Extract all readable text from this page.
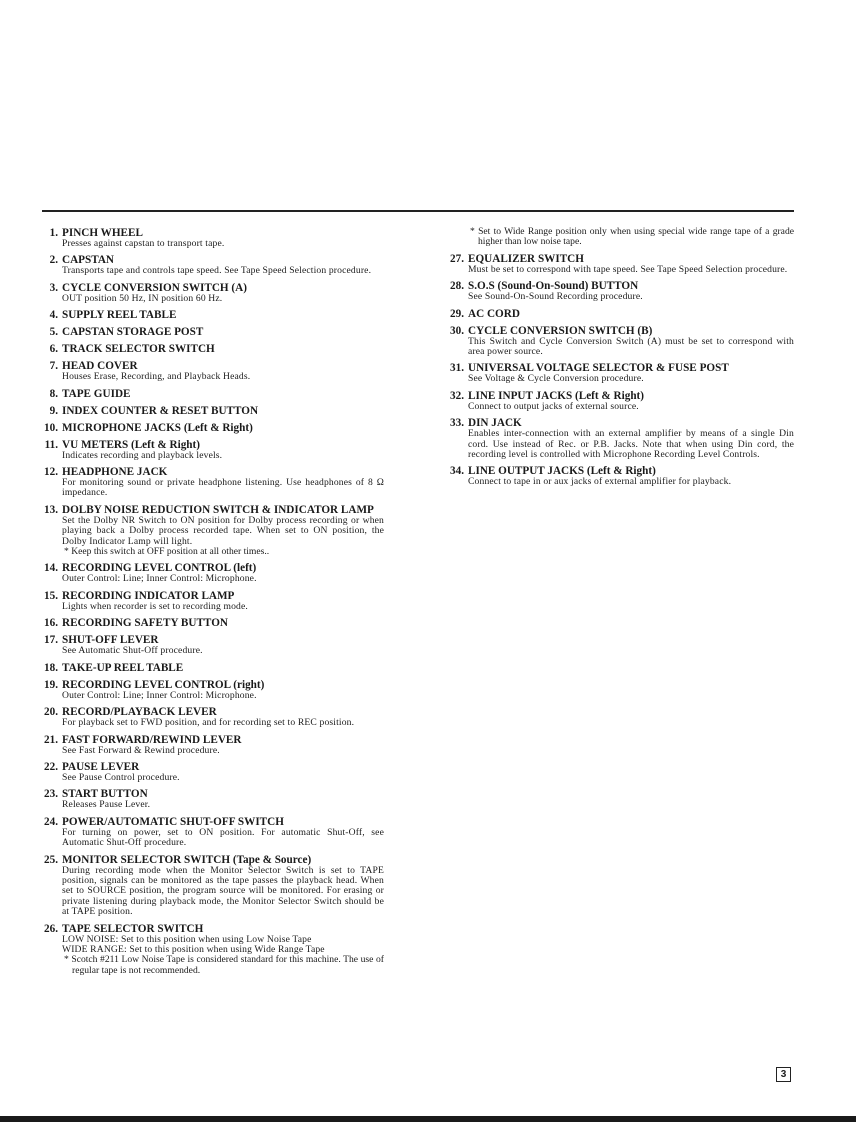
1. PINCH WHEEL

Presses against capstan to transport tape.

2. CAPSTAN

Transports tape and controls tape speed. See Tape Speed Selection procedure.

3. CYCLE CONVERSION SWITCH (A)

OUT position 50 Hz, IN position 60 Hz.

4. SUPPLY REEL TABLE
5. CAPSTAN STORAGE POST
6. TRACK SELECTOR SWITCH
7. HEAD COVER

Houses Erase, Recording, and Playback Heads.

8. TAPE GUIDE
9. INDEX COUNTER & RESET BUTTON
10. MICROPHONE JACKS (Left & Right)
11. VU METERS (Left & Right)

Indicates recording and playback levels.

12. HEADPHONE JACK

For monitoring sound or private headphone listening. Use headphones of 8 Ω impedance.

13. DOLBY NOISE REDUCTION SWITCH & INDICATOR LAMP

Set the Dolby NR Switch to ON position for Dolby process recording or when playing back a Dolby process recorded tape. When set to ON position, the Dolby Indicator Lamp will light.

* Keep this switch at OFF position at all other times..

14. RECORDING LEVEL CONTROL (left)

Outer Control: Line; Inner Control: Microphone.

15. RECORDING INDICATOR LAMP

Lights when recorder is set to recording mode.

16. RECORDING SAFETY BUTTON
17. SHUT-OFF LEVER

See Automatic Shut-Off procedure.

18. TAKE-UP REEL TABLE
19. RECORDING LEVEL CONTROL (right)

Outer Control: Line; Inner Control: Microphone.

20. RECORD/PLAYBACK LEVER

For playback set to FWD position, and for recording set to REC position.

21. FAST FORWARD/REWIND LEVER

See Fast Forward & Rewind procedure.

22. PAUSE LEVER

See Pause Control procedure.

23. START BUTTON

Releases Pause Lever.

24. POWER/AUTOMATIC SHUT-OFF SWITCH

For turning on power, set to ON position. For automatic Shut-Off, see Automatic Shut-Off procedure.

25. MONITOR SELECTOR SWITCH (Tape & Source)

During recording mode when the Monitor Selector Switch is set to TAPE position, signals can be monitored as the tape passes the playback head. When set to SOURCE position, the program source will be monitored. For erasing or private listening during playback mode, the Monitor Selector Switch should be at TAPE position.

26. TAPE SELECTOR SWITCH

LOW NOISE: Set to this position when using Low Noise Tape

WIDE RANGE: Set to this position when using Wide Range Tape

* Scotch #211 Low Noise Tape is considered standard for this machine. The use of regular tape is not recommended.

* Set to Wide Range position only when using special wide range tape of a grade higher than low noise tape.

27. EQUALIZER SWITCH

Must be set to correspond with tape speed. See Tape Speed Selection procedure.

28. S.O.S (Sound-On-Sound) BUTTON

See Sound-On-Sound Recording procedure.

29. AC CORD
30. CYCLE CONVERSION SWITCH (B)

This Switch and Cycle Conversion Switch (A) must be set to correspond with area power source.

31. UNIVERSAL VOLTAGE SELECTOR & FUSE POST

See Voltage & Cycle Conversion procedure.

32. LINE INPUT JACKS (Left & Right)

Connect to output jacks of external source.

33. DIN JACK

Enables inter-connection with an external amplifier by means of a single Din cord. Use instead of Rec. or P.B. Jacks. Note that when using Din cord, the recording level is controlled with Microphone Recording Level Controls.

34. LINE OUTPUT JACKS (Left & Right)

Connect to tape in or aux jacks of external amplifier for playback.

3
